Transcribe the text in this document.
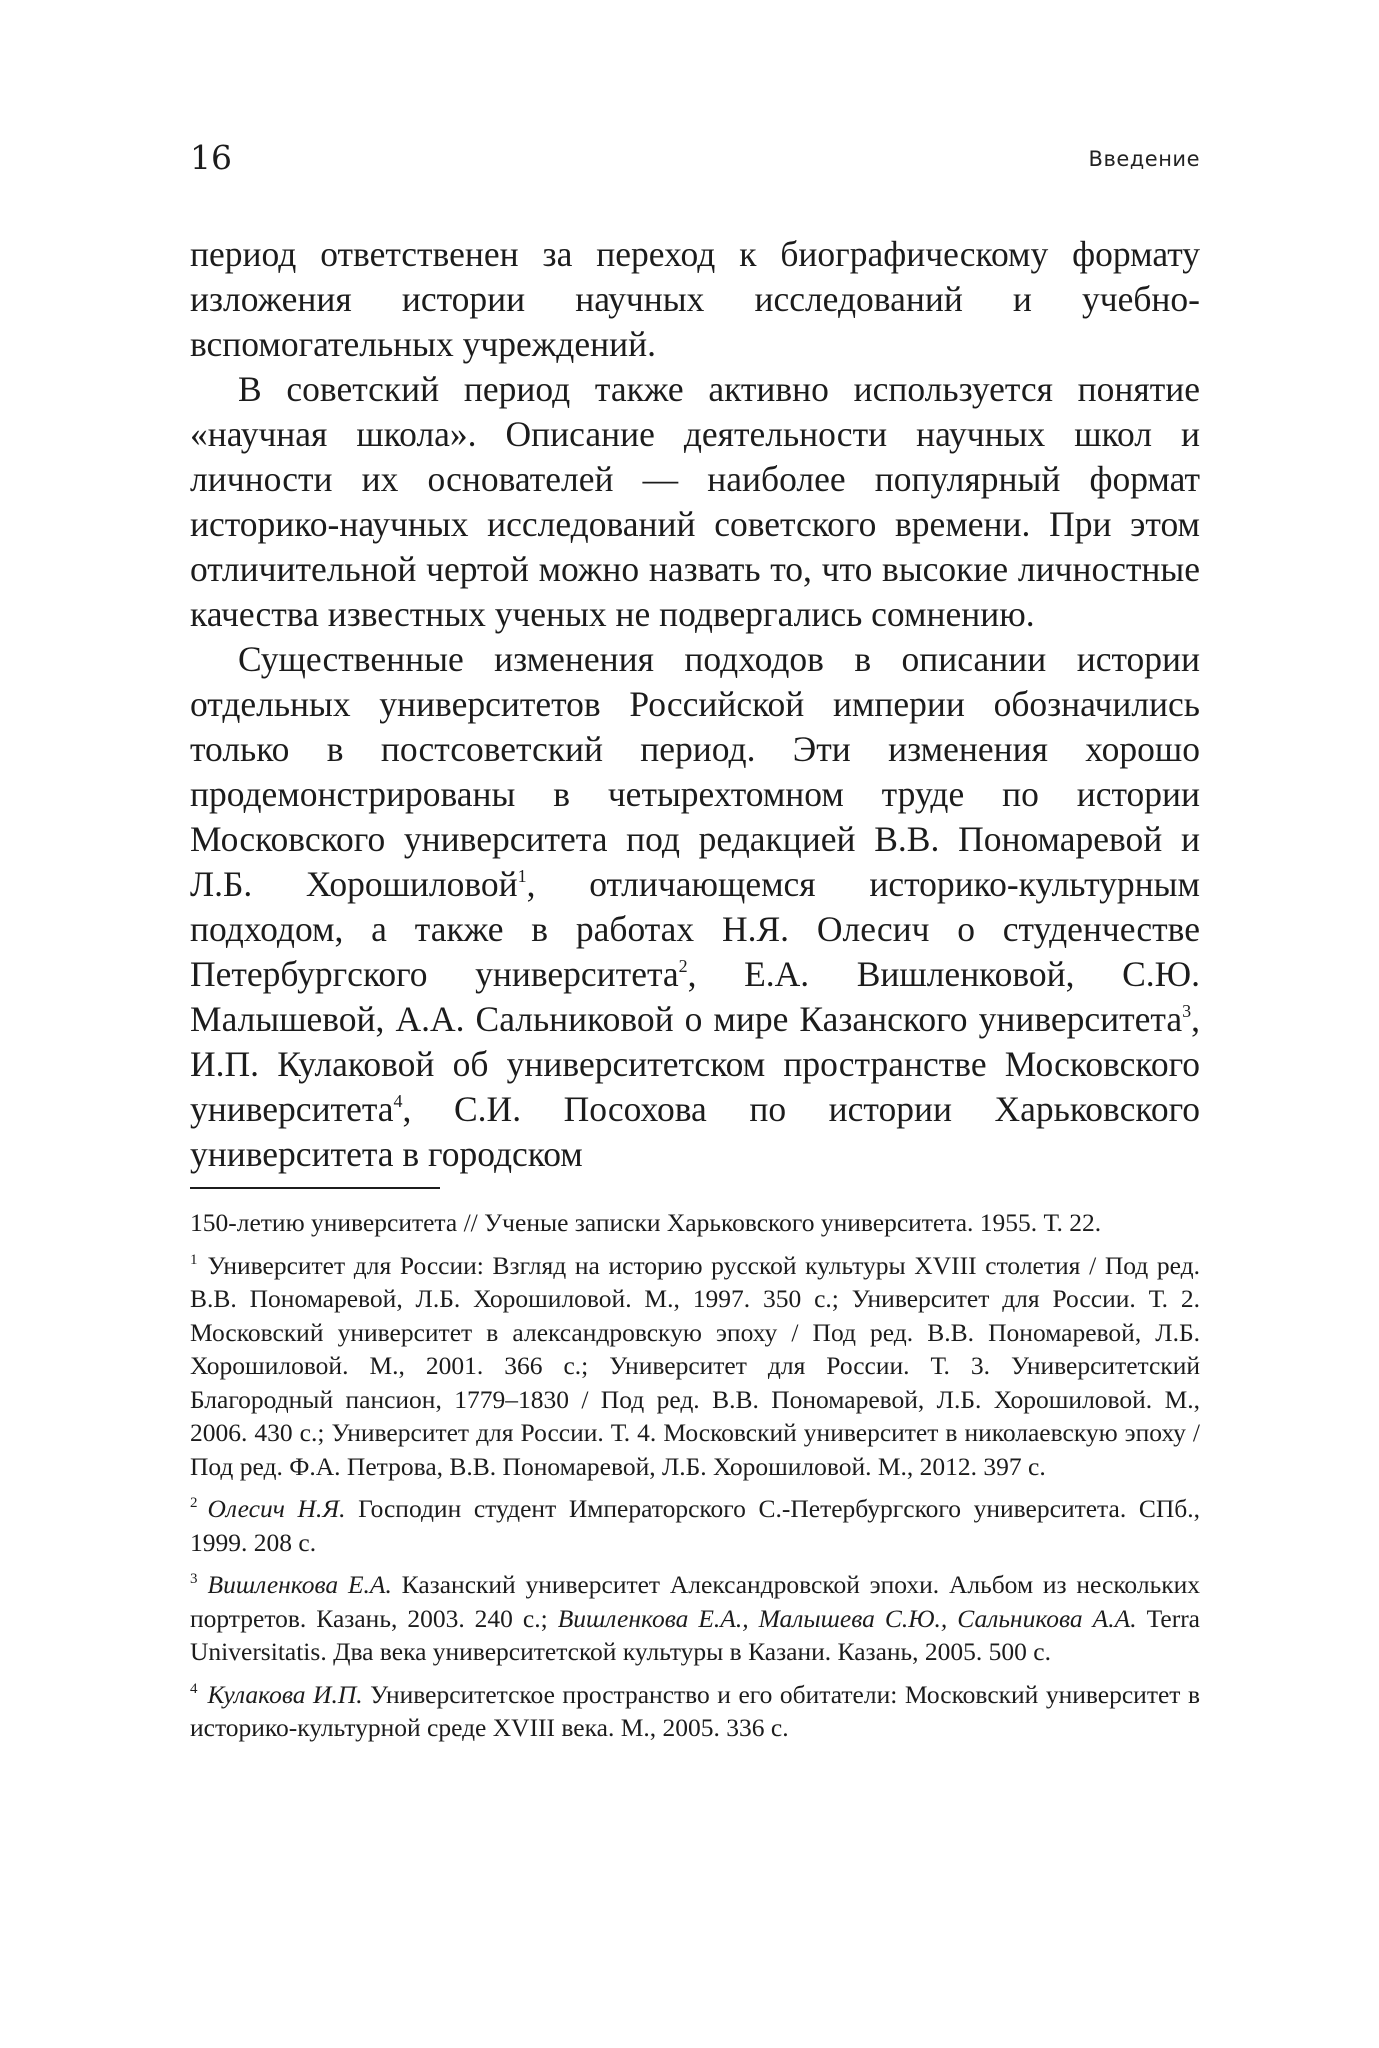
16	Введение

период ответственен за переход к биографическому формату изложения истории научных исследований и учебно-вспомогательных учреждений.

В советский период также активно используется понятие «научная школа». Описание деятельности научных школ и личности их основателей — наиболее популярный формат историко-научных исследований советского времени. При этом отличительной чертой можно назвать то, что высокие личностные качества известных ученых не подвергались сомнению.

Существенные изменения подходов в описании истории отдельных университетов Российской империи обозначились только в постсоветский период. Эти изменения хорошо продемонстрированы в четырехтомном труде по истории Московского университета под редакцией В.В. Пономаревой и Л.Б. Хорошиловой$^1$, отличающемся историко-культурным подходом, а также в работах Н.Я. Олесич о студенчестве Петербургского университета$^2$, Е.А. Вишленковой, С.Ю. Малышевой, А.А. Сальниковой о мире Казанского университета$^3$, И.П. Кулаковой об университетском пространстве Московского университета$^4$, С.И. Посохова по истории Харьковского университета в городском

150-летию университета // Ученые записки Харьковского университета. 1955. Т. 22.

$^1$ Университет для России: Взгляд на историю русской культуры XVIII столетия / Под ред. В.В. Пономаревой, Л.Б. Хорошиловой. М., 1997. 350 с.; Университет для России. Т. 2. Московский университет в александровскую эпоху / Под ред. В.В. Пономаревой, Л.Б. Хорошиловой. М., 2001. 366 с.; Университет для России. Т. 3. Университетский Благородный пансион, 1779–1830 / Под ред. В.В. Пономаревой, Л.Б. Хорошиловой. М., 2006. 430 с.; Университет для России. Т. 4. Московский университет в николаевскую эпоху / Под ред. Ф.А. Петрова, В.В. Пономаревой, Л.Б. Хорошиловой. М., 2012. 397 с.

$^2$ Олесич Н.Я. Господин студент Императорского С.-Петербургского университета. СПб., 1999. 208 с.

$^3$ Вишленкова Е.А. Казанский университет Александровской эпохи. Альбом из нескольких портретов. Казань, 2003. 240 с.; Вишленкова Е.А., Малышева С.Ю., Сальникова А.А. Terra Universitatis. Два века университетской культуры в Казани. Казань, 2005. 500 с.

$^4$ Кулакова И.П. Университетское пространство и его обитатели: Московский университет в историко-культурной среде XVIII века. М., 2005. 336 с.
